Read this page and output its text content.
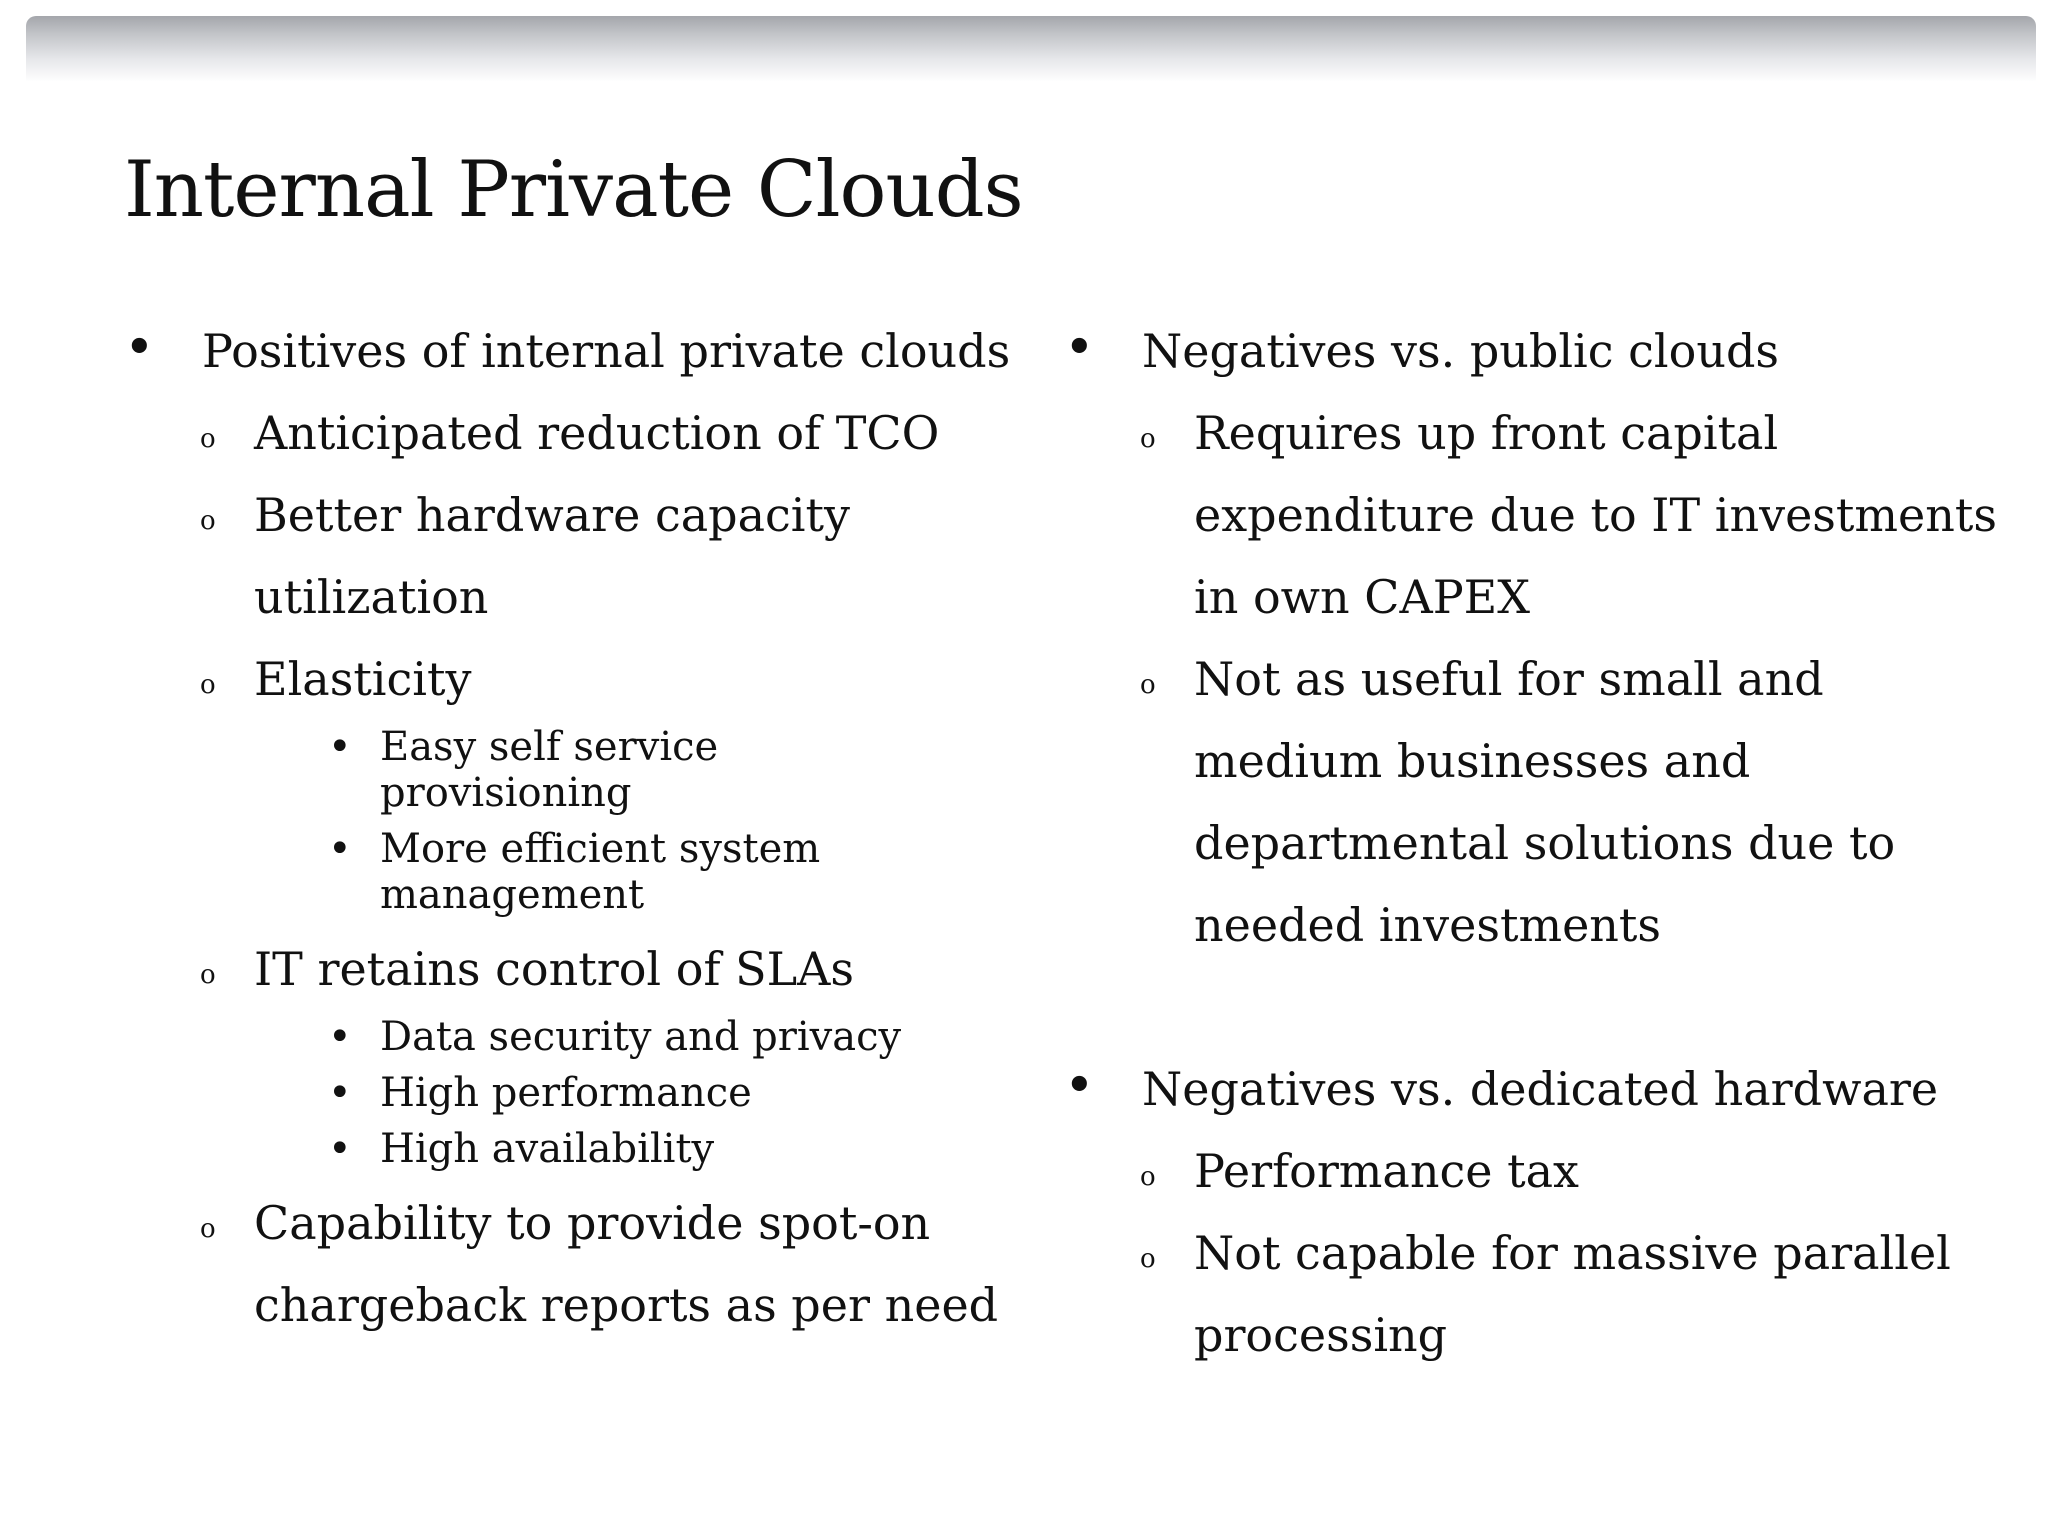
Internal Private Clouds
• Positives of internal private clouds
o Anticipated reduction of TCO
o Better hardware capacity
utilization
o Elasticity
• Easy self service provisioning
• More efficient system
management
o IT retains control of SLAs
• Data security and privacy
• High performance
• High availability
o Capability to provide spot-on
chargeback reports as per need
• Negatives vs. public clouds
o Requires up front capital
expenditure due to IT investments
in own CAPEX
o Not as useful for small and
medium businesses and
departmental solutions due to
needed investments
• Negatives vs. dedicated hardware
o Performance tax
o Not capable for massive parallel
processing
